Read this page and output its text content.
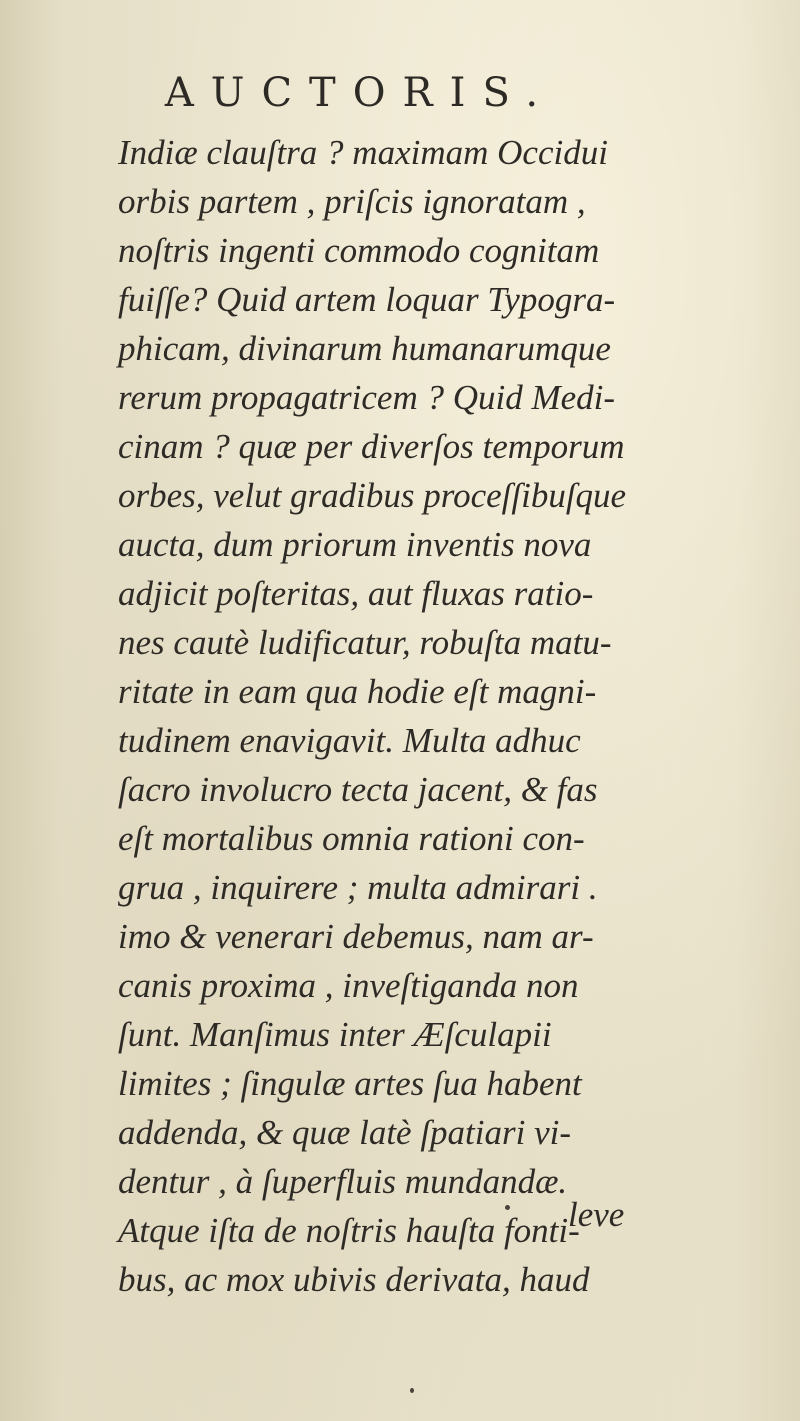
AUCTORIS.
Indiæ clauſtra ? maximam Occidui
orbis partem , priſcis ignoratam ,
noſtris ingenti commodo cognitam
fuiſſe? Quid artem loquar Typogra-
phicam, divinarum humanarumque
rerum propagatricem ? Quid Medi-
cinam ? quæ per diverſos temporum
orbes, velut gradibus proceſſibuſque
aucta, dum priorum inventis nova
adjicit poſteritas, aut fluxas ratio-
nes cautè ludificatur, robuſta matu-
ritate in eam qua hodie eſt magni-
tudinem enavigavit. Multa adhuc
ſacro involucro tecta jacent, & fas
eſt mortalibus omnia rationi con-
grua , inquirere ; multa admirari .
imo & venerari debemus, nam ar-
canis proxima , inveſtiganda non
ſunt. Manſimus inter Æſculapii
limites ; ſingulæ artes ſua habent
addenda, & quæ latè ſpatiari vi-
dentur , à ſuperfluis mundandæ.
Atque iſta de noſtris hauſta fonti-
bus, ac mox ubivis derivata, haud
leve
